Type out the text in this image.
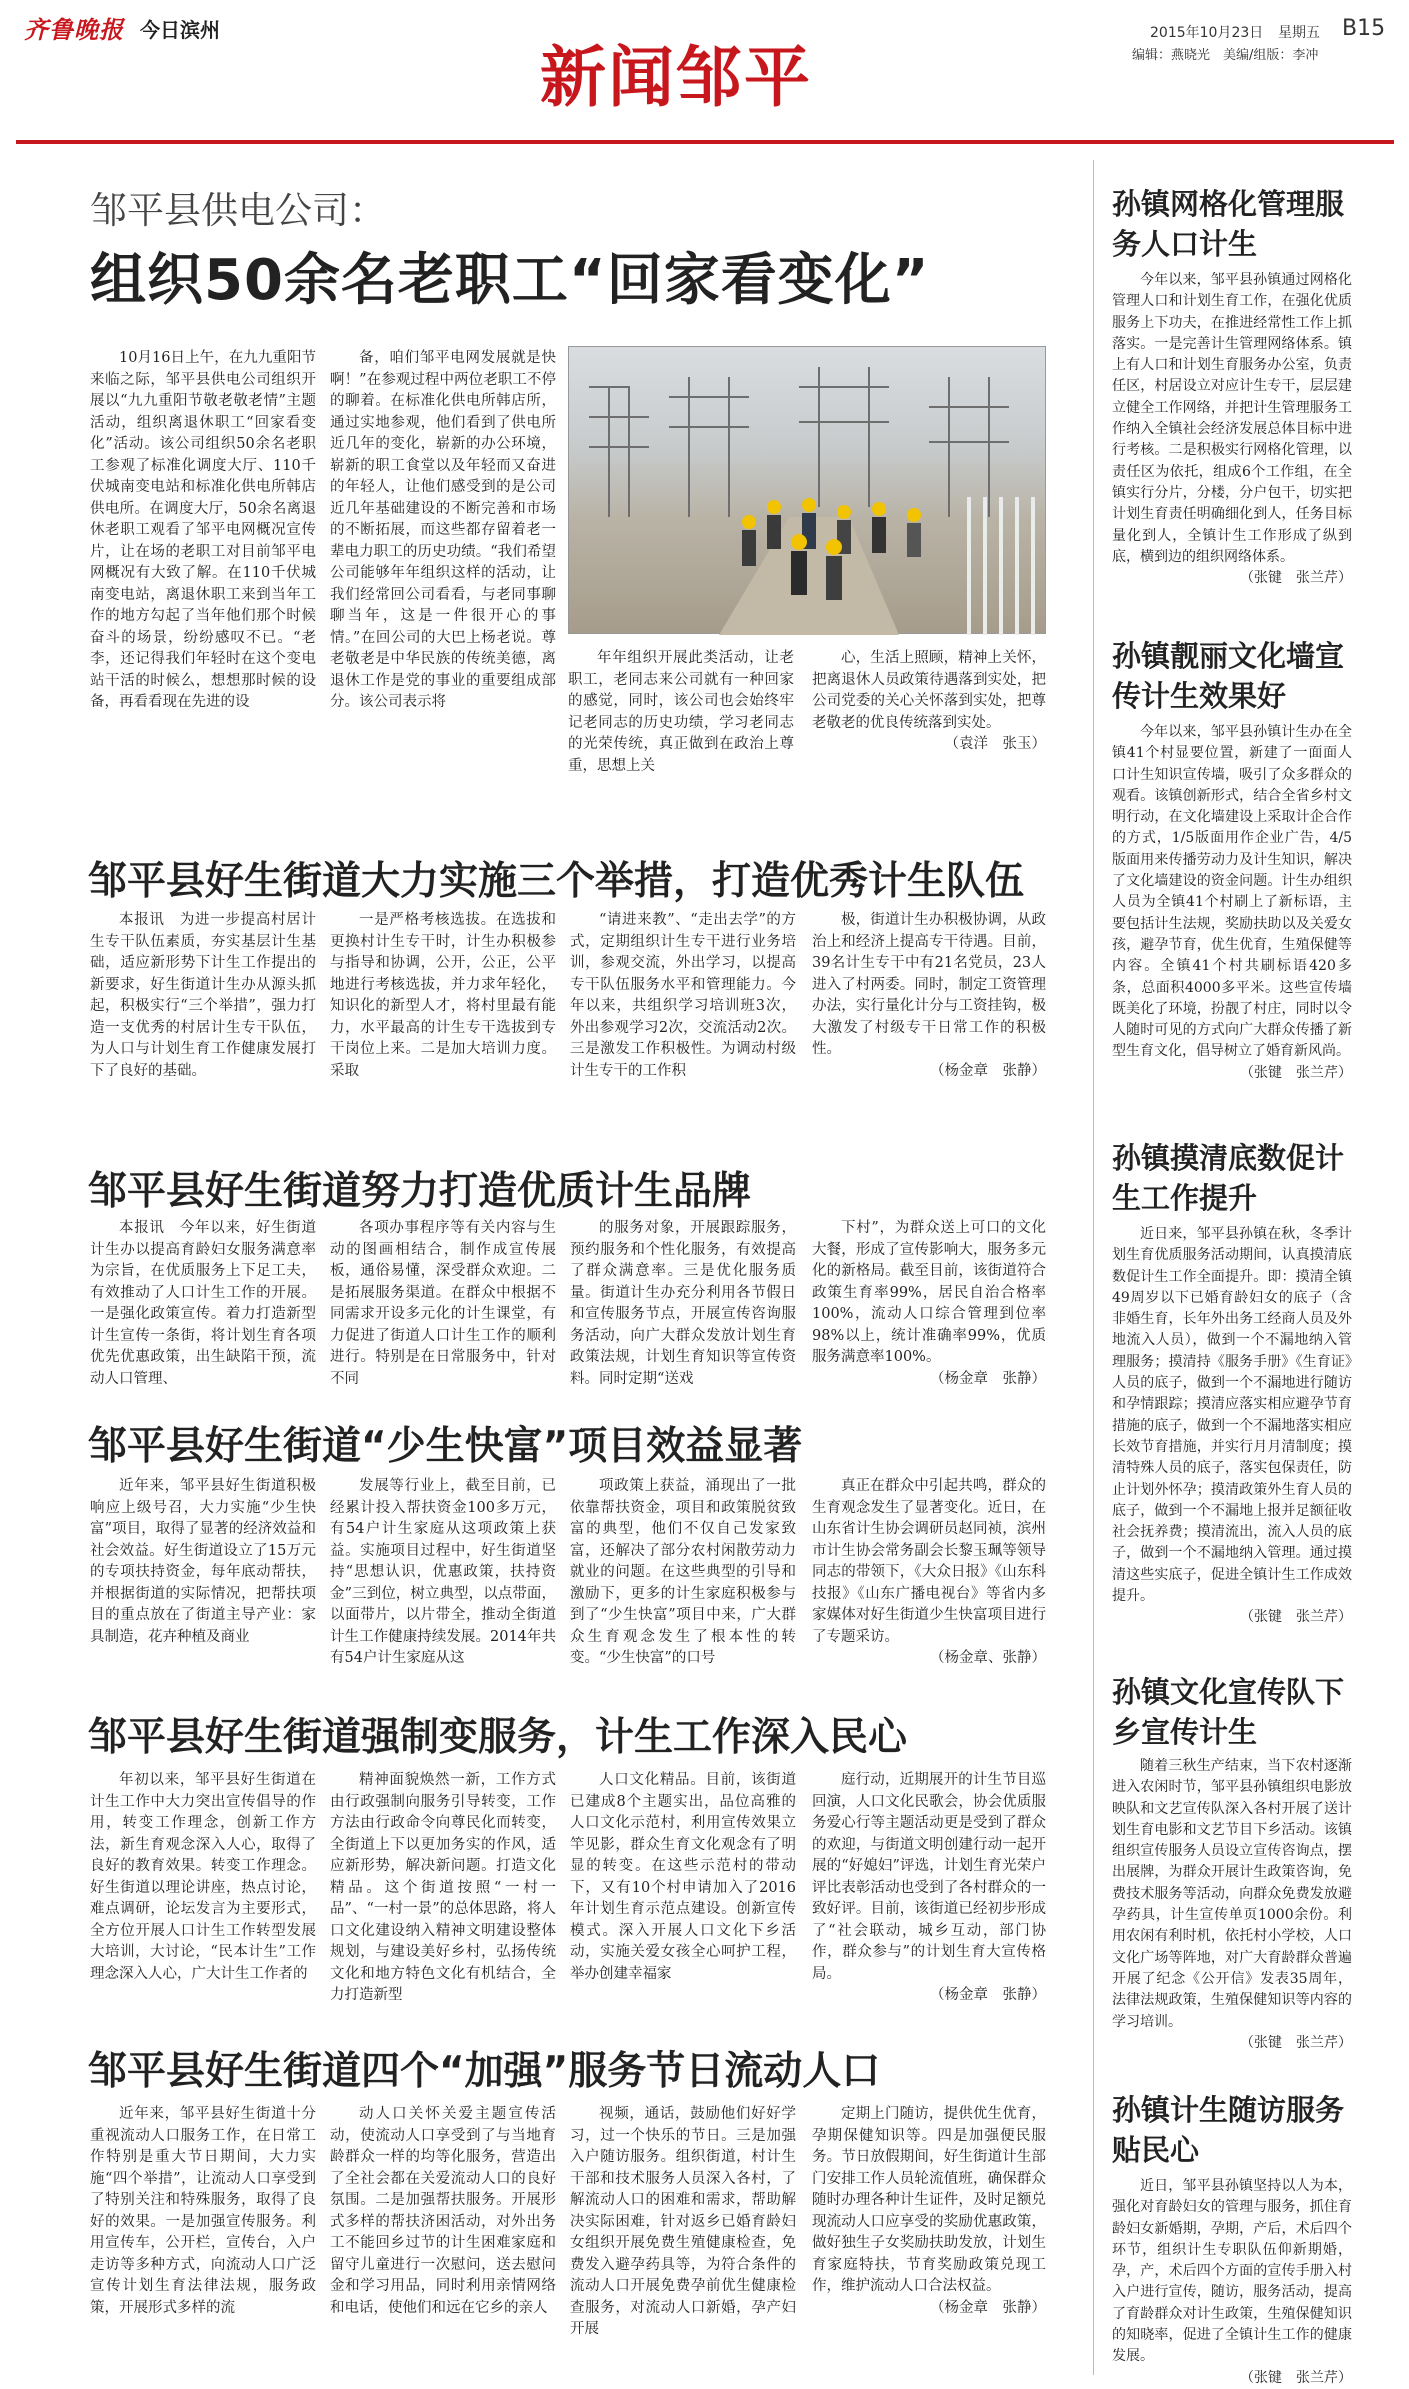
齐鲁晚报 今日滨州
新闻邹平
2015年10月23日 星期五 B15
编辑：燕晓光　美编/组版：李冲
邹平县供电公司：
组织50余名老职工“回家看变化”
10月16日上午，在九九重阳节来临之际，邹平县供电公司组织开展以“九九重阳节敬老敬老情”主题活动，组织离退休职工“回家看变化”活动。该公司组织50余名老职工参观了标准化调度大厅、110千伏城南变电站和标准化供电所韩店供电所。在调度大厅，50余名离退休老职工观看了邹平电网概况宣传片，让在场的老职工对目前邹平电网概况有大致了解。在110千伏城南变电站，离退休职工来到当年工作的地方勾起了当年他们那个时候奋斗的场景，纷纷感叹不已。“老李，还记得我们年轻时在这个变电站干活的时候么，想想那时候的设备，再看看现在先进的设
备，咱们邹平电网发展就是快啊！”在参观过程中两位老职工不停的聊着。在标准化供电所韩店所，通过实地参观，他们看到了供电所近几年的变化，崭新的办公环境，崭新的职工食堂以及年轻而又奋进的年轻人，让他们感受到的是公司近几年基础建设的不断完善和市场的不断拓展，而这些都存留着老一辈电力职工的历史功绩。“我们希望公司能够年年组织这样的活动，让我们经常回公司看看，与老同事聊聊当年，这是一件很开心的事情。”在回公司的大巴上杨老说。尊老敬老是中华民族的传统美德，离退休工作是党的事业的重要组成部分。该公司表示将
年年组织开展此类活动，让老职工，老同志来公司就有一种回家的感觉，同时，该公司也会始终牢记老同志的历史功绩，学习老同志的光荣传统，真正做到在政治上尊重，思想上关
心，生活上照顾，精神上关怀，把离退休人员政策待遇落到实处，把公司党委的关心关怀落到实处，把尊老敬老的优良传统落到实处。
（袁洋　张玉）
邹平县好生街道大力实施三个举措，打造优秀计生队伍
本报讯　为进一步提高村居计生专干队伍素质，夯实基层计生基础，适应新形势下计生工作提出的新要求，好生街道计生办从源头抓起，积极实行“三个举措”，强力打造一支优秀的村居计生专干队伍，为人口与计划生育工作健康发展打下了良好的基础。
一是严格考核选拔。在选拔和更换村计生专干时，计生办积极参与指导和协调，公开，公正，公平地进行考核选拔，并力求年轻化，知识化的新型人才，将村里最有能力，水平最高的计生专干选拔到专干岗位上来。二是加大培训力度。采取
“请进来教”、“走出去学”的方式，定期组织计生专干进行业务培训，参观交流，外出学习，以提高专干队伍服务水平和管理能力。今年以来，共组织学习培训班3次，外出参观学习2次，交流活动2次。三是激发工作积极性。为调动村级计生专干的工作积
极，街道计生办积极协调，从政治上和经济上提高专干待遇。目前，39名计生专干中有21名党员，23人进入了村两委。同时，制定工资管理办法，实行量化计分与工资挂钩，极大激发了村级专干日常工作的积极性。
（杨金章　张静）
邹平县好生街道努力打造优质计生品牌
本报讯　今年以来，好生街道计生办以提高育龄妇女服务满意率为宗旨，在优质服务上下足工夫，有效推动了人口计生工作的开展。一是强化政策宣传。着力打造新型计生宣传一条街，将计划生育各项优先优惠政策，出生缺陷干预，流动人口管理、
各项办事程序等有关内容与生动的图画相结合，制作成宣传展板，通俗易懂，深受群众欢迎。二是拓展服务渠道。在群众中根据不同需求开设多元化的计生课堂，有力促进了街道人口计生工作的顺利进行。特别是在日常服务中，针对不同
的服务对象，开展跟踪服务，预约服务和个性化服务，有效提高了群众满意率。三是优化服务质量。街道计生办充分利用各节假日和宣传服务节点，开展宣传咨询服务活动，向广大群众发放计划生育政策法规，计划生育知识等宣传资料。同时定期“送戏
下村”，为群众送上可口的文化大餐，形成了宣传影响大，服务多元化的新格局。截至目前，该街道符合政策生育率99%，居民自治合格率100%，流动人口综合管理到位率98%以上，统计准确率99%，优质服务满意率100%。
（杨金章　张静）
邹平县好生街道“少生快富”项目效益显著
近年来，邹平县好生街道积极响应上级号召，大力实施“少生快富”项目，取得了显著的经济效益和社会效益。好生街道设立了15万元的专项扶持资金，每年底动帮扶，并根据街道的实际情况，把帮扶项目的重点放在了街道主导产业：家具制造，花卉种植及商业
发展等行业上，截至目前，已经累计投入帮扶资金100多万元，有54户计生家庭从这项政策上获益。实施项目过程中，好生街道坚持“思想认识，优惠政策，扶持资金”三到位，树立典型，以点带面，以面带片，以片带全，推动全街道计生工作健康持续发展。2014年共有54户计生家庭从这
项政策上获益，涌现出了一批依靠帮扶资金，项目和政策脱贫致富的典型，他们不仅自己发家致富，还解决了部分农村闲散劳动力就业的问题。在这些典型的引导和激励下，更多的计生家庭积极参与到了“少生快富”项目中来，广大群众生育观念发生了根本性的转变。“少生快富”的口号
真正在群众中引起共鸣，群众的生育观念发生了显著变化。近日，在山东省计生协会调研员赵同祯，滨州市计生协会常务副会长黎玉珮等领导同志的带领下，《大众日报》《山东科技报》《山东广播电视台》等省内多家媒体对好生街道少生快富项目进行了专题采访。
（杨金章、张静）
邹平县好生街道强制变服务，计生工作深入民心
年初以来，邹平县好生街道在计生工作中大力突出宣传倡导的作用，转变工作理念，创新工作方法，新生育观念深入人心，取得了良好的教育效果。转变工作理念。好生街道以理论讲座，热点讨论，难点调研，论坛发言为主要形式，全方位开展人口计生工作转型发展大培训，大讨论，“民本计生”工作理念深入人心，广大计生工作者的
精神面貌焕然一新，工作方式由行政强制向服务引导转变，工作方法由行政命令向尊民化而转变，全街道上下以更加务实的作风，适应新形势，解决新问题。打造文化精品。这个街道按照“一村一品”、“一村一景”的总体思路，将人口文化建设纳入精神文明建设整体规划，与建设美好乡村，弘扬传统文化和地方特色文化有机结合，全力打造新型
人口文化精品。目前，该街道已建成8个主题实出，品位高雅的人口文化示范村，利用宣传效果立竿见影，群众生育文化观念有了明显的转变。在这些示范村的带动下，又有10个村申请加入了2016年计划生育示范点建设。创新宣传模式。深入开展人口文化下乡活动，实施关爱女孩全心呵护工程，举办创建幸福家
庭行动，近期展开的计生节目巡回演，人口文化民歌会，协会优质服务爱心行等主题活动更是受到了群众的欢迎，与街道文明创建行动一起开展的“好媳妇”评选，计划生育光荣户评比表彰活动也受到了各村群众的一致好评。目前，该街道已经初步形成了“社会联动，城乡互动，部门协作，群众参与”的计划生育大宣传格局。
（杨金章　张静）
邹平县好生街道四个“加强”服务节日流动人口
近年来，邹平县好生街道十分重视流动人口服务工作，在日常工作特别是重大节日期间，大力实施“四个举措”，让流动人口享受到了特别关注和特殊服务，取得了良好的效果。一是加强宣传服务。利用宣传车，公开栏，宣传台，入户走访等多种方式，向流动人口广泛宣传计划生育法律法规，服务政策，开展形式多样的流
动人口关怀关爱主题宣传活动，使流动人口享受到了与当地育龄群众一样的均等化服务，营造出了全社会都在关爱流动人口的良好氛围。二是加强帮扶服务。开展形式多样的帮扶济困活动，对外出务工不能回乡过节的计生困难家庭和留守儿童进行一次慰问，送去慰问金和学习用品，同时利用亲情网络和电话，使他们和远在它乡的亲人
视频，通话，鼓励他们好好学习，过一个快乐的节日。三是加强入户随访服务。组织街道，村计生干部和技术服务人员深入各村，了解流动人口的困难和需求，帮助解决实际困难，针对返乡已婚育龄妇女组织开展免费生殖健康检查，免费发入避孕药具等，为符合条件的流动人口开展免费孕前优生健康检查服务，对流动人口新婚，孕产妇开展
定期上门随访，提供优生优育，孕期保健知识等。四是加强便民服务。节日放假期间，好生街道计生部门安排工作人员轮流值班，确保群众随时办理各种计生证件，及时足额兑现流动人口应享受的奖励优惠政策，做好独生子女奖励扶助发放，计划生育家庭特扶，节育奖励政策兑现工作，维护流动人口合法权益。
（杨金章　张静）
孙镇网格化管理服务人口计生
今年以来，邹平县孙镇通过网格化管理人口和计划生育工作，在强化优质服务上下功夫，在推进经常性工作上抓落实。一是完善计生管理网络体系。镇上有人口和计划生育服务办公室，负责任区，村居设立对应计生专干，层层建立健全工作网络，并把计生管理服务工作纳入全镇社会经济发展总体目标中进行考核。二是积极实行网格化管理，以责任区为依托，组成6个工作组，在全镇实行分片，分楼，分户包干，切实把计划生育责任明确细化到人，任务目标量化到人，全镇计生工作形成了纵到底，横到边的组织网络体系。
（张键　张兰芹）
孙镇靓丽文化墙宣传计生效果好
今年以来，邹平县孙镇计生办在全镇41个村显要位置，新建了一面面人口计生知识宣传墙，吸引了众多群众的观看。该镇创新形式，结合全省乡村文明行动，在文化墙建设上采取计企合作的方式，1/5版面用作企业广告，4/5版面用来传播劳动力及计生知识，解决了文化墙建设的资金问题。计生办组织人员为全镇41个村刷上了新标语，主要包括计生法规，奖励扶助以及关爱女孩，避孕节育，优生优育，生殖保健等内容。全镇41个村共刷标语420多条，总面积4000多平米。这些宣传墙既美化了环境，扮靓了村庄，同时以令人随时可见的方式向广大群众传播了新型生育文化，倡导树立了婚育新风尚。
（张键　张兰芹）
孙镇摸清底数促计生工作提升
近日来，邹平县孙镇在秋，冬季计划生育优质服务活动期间，认真摸清底数促计生工作全面提升。即：摸清全镇49周岁以下已婚育龄妇女的底子（含非婚生育，长年外出务工经商人员及外地流入人员），做到一个不漏地纳入管理服务；摸清持《服务手册》《生育证》人员的底子，做到一个不漏地进行随访和孕情跟踪；摸清应落实相应避孕节育措施的底子，做到一个不漏地落实相应长效节育措施，并实行月月清制度；摸清特殊人员的底子，落实包保责任，防止计划外怀孕；摸清政策外生育人员的底子，做到一个不漏地上报并足额征收社会抚养费；摸清流出，流入人员的底子，做到一个不漏地纳入管理。通过摸清这些实底子，促进全镇计生工作成效提升。
（张键　张兰芹）
孙镇文化宣传队下乡宣传计生
随着三秋生产结束，当下农村逐渐进入农闲时节，邹平县孙镇组织电影放映队和文艺宣传队深入各村开展了送计划生育电影和文艺节目下乡活动。该镇组织宣传服务人员设立宣传咨询点，摆出展牌，为群众开展计生政策咨询，免费技术服务等活动，向群众免费发放避孕药具，计生宣传单页1000余份。利用农闲有利时机，依托村小学校，人口文化广场等阵地，对广大育龄群众普遍开展了纪念《公开信》发表35周年，法律法规政策，生殖保健知识等内容的学习培训。
（张键　张兰芹）
孙镇计生随访服务贴民心
近日，邹平县孙镇坚持以人为本，强化对育龄妇女的管理与服务，抓住育龄妇女新婚期，孕期，产后，术后四个环节，组织计生专职队伍仰新期婚，孕，产，术后四个方面的宣传手册入村入户进行宣传，随访，服务活动，提高了育龄群众对计生政策，生殖保健知识的知晓率，促进了全镇计生工作的健康发展。
（张键　张兰芹）
